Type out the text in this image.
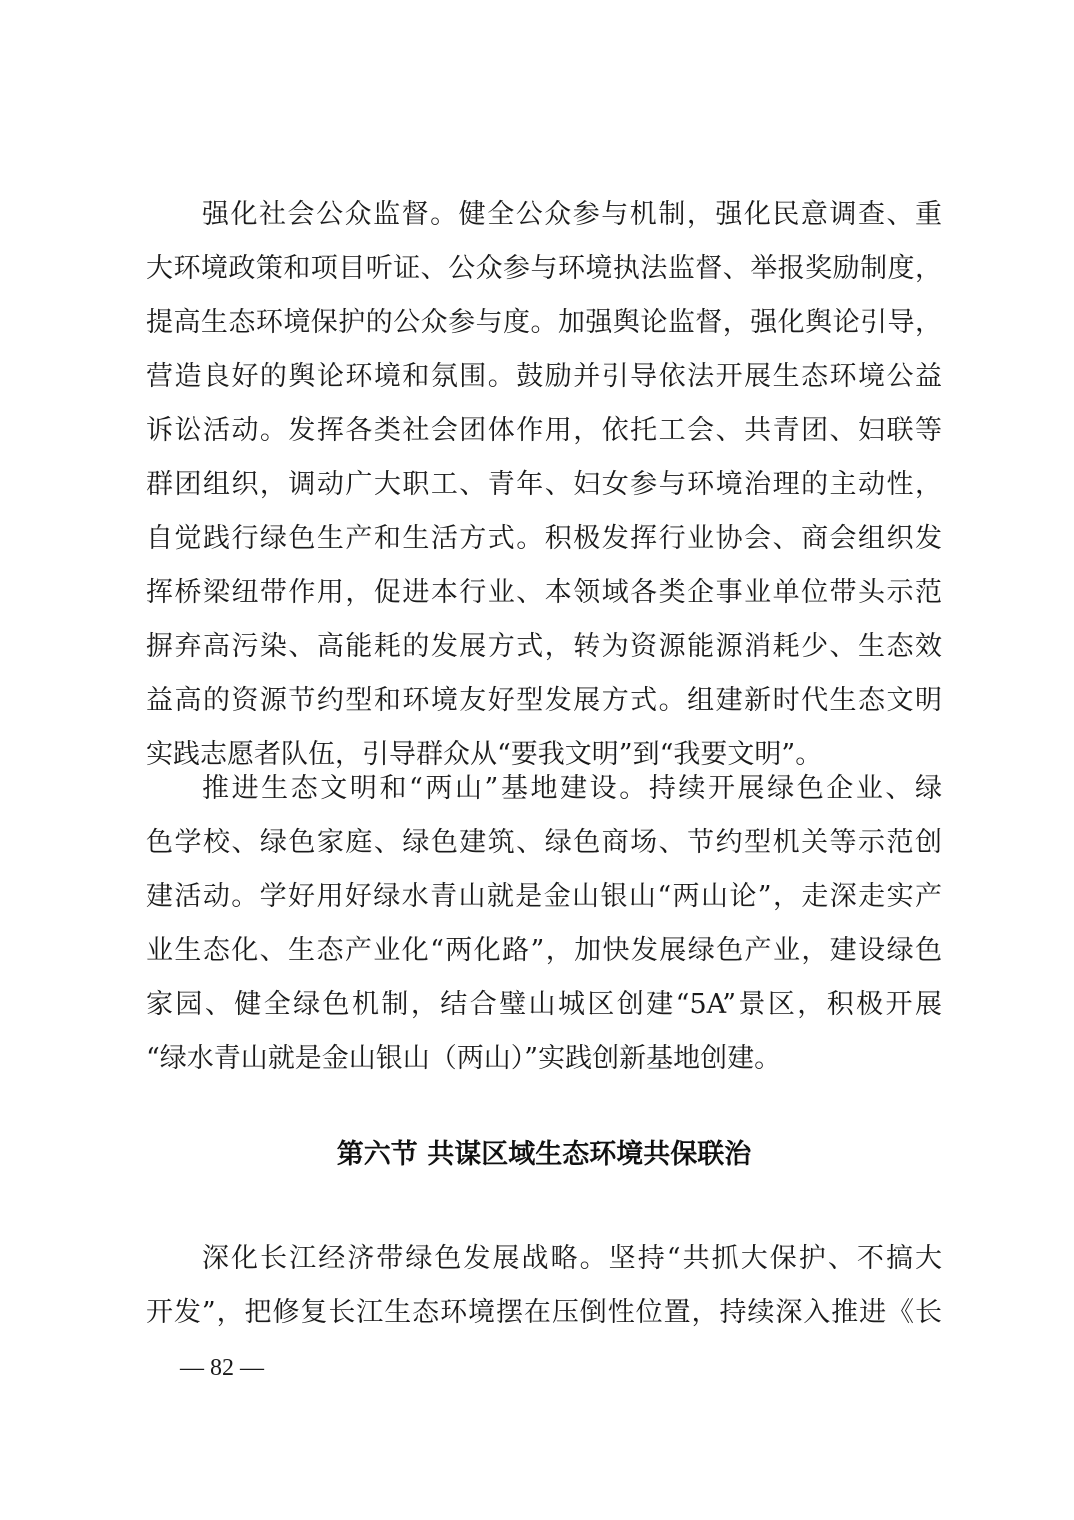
强化社会公众监督。健全公众参与机制，强化民意调查、重
大环境政策和项目听证、公众参与环境执法监督、举报奖励制度，
提高生态环境保护的公众参与度。加强舆论监督，强化舆论引导，
营造良好的舆论环境和氛围。鼓励并引导依法开展生态环境公益
诉讼活动。发挥各类社会团体作用，依托工会、共青团、妇联等
群团组织，调动广大职工、青年、妇女参与环境治理的主动性，
自觉践行绿色生产和生活方式。积极发挥行业协会、商会组织发
挥桥梁纽带作用，促进本行业、本领域各类企事业单位带头示范
摒弃高污染、高能耗的发展方式，转为资源能源消耗少、生态效
益高的资源节约型和环境友好型发展方式。组建新时代生态文明
实践志愿者队伍，引导群众从“要我文明”到“我要文明”。
推进生态文明和“两山”基地建设。持续开展绿色企业、绿
色学校、绿色家庭、绿色建筑、绿色商场、节约型机关等示范创
建活动。学好用好绿水青山就是金山银山“两山论”，走深走实产
业生态化、生态产业化“两化路”，加快发展绿色产业，建设绿色
家园、健全绿色机制，结合璧山城区创建“5A”景区，积极开展
“绿水青山就是金山银山（两山）”实践创新基地创建。
第六节 共谋区域生态环境共保联治
深化长江经济带绿色发展战略。坚持“共抓大保护、不搞大
开发”，把修复长江生态环境摆在压倒性位置，持续深入推进《长
— 82 —
